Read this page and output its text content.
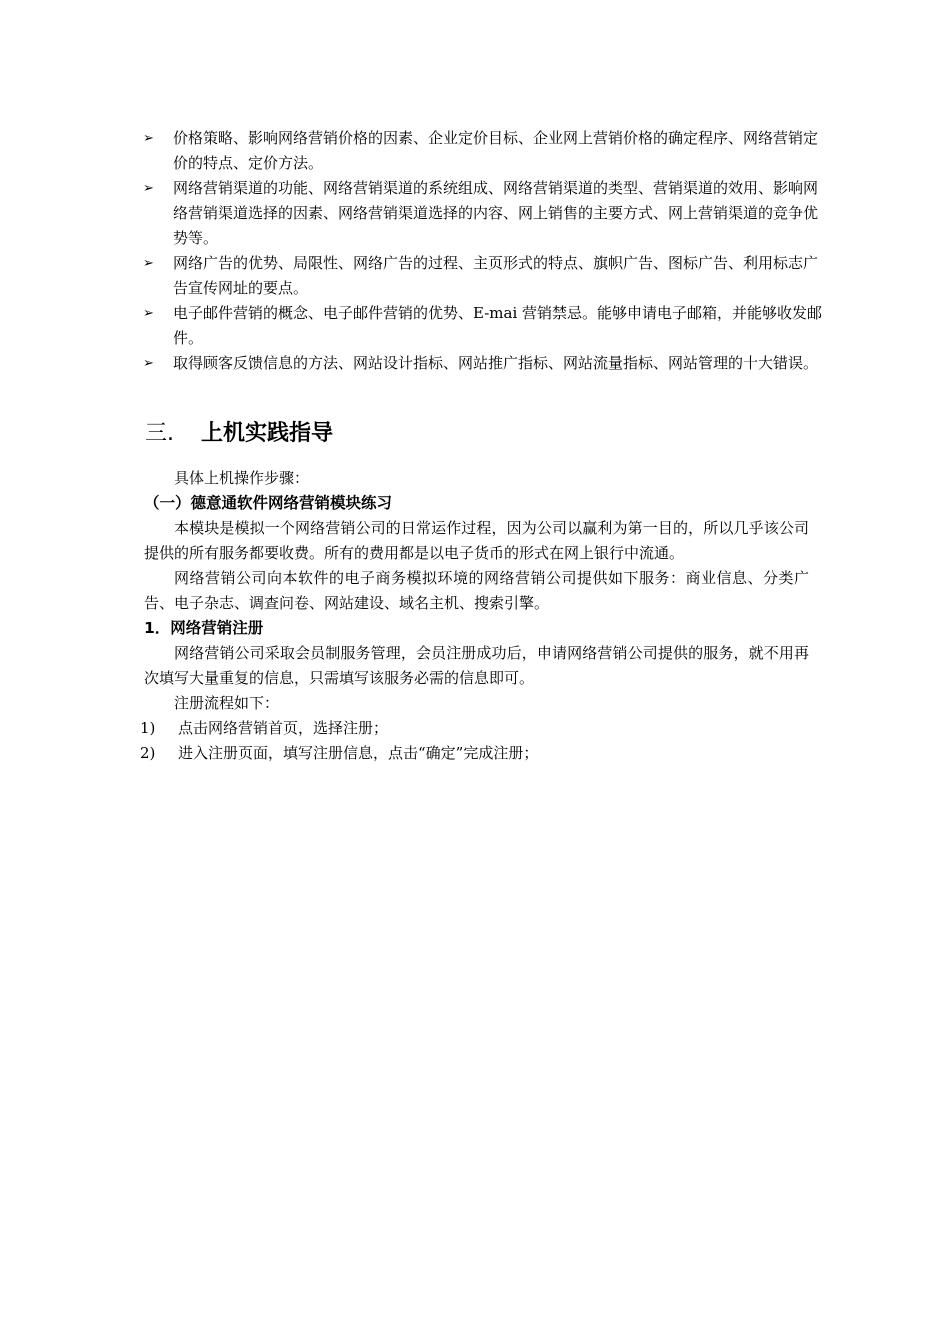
➢	价格策略、影响网络营销价格的因素、企业定价目标、企业网上营销价格的确定程序、网络营销定价的特点、定价方法。
➢	网络营销渠道的功能、网络营销渠道的系统组成、网络营销渠道的类型、营销渠道的效用、影响网络营销渠道选择的因素、网络营销渠道选择的内容、网上销售的主要方式、网上营销渠道的竞争优势等。
➢	网络广告的优势、局限性、网络广告的过程、主页形式的特点、旗帜广告、图标广告、利用标志广告宣传网址的要点。
➢	电子邮件营销的概念、电子邮件营销的优势、E-mai 营销禁忌。能够申请电子邮箱，并能够收发邮件。
➢	取得顾客反馈信息的方法、网站设计指标、网站推广指标、网站流量指标、网站管理的十大错误。
三. 上机实践指导

具体上机操作步骤：

（一）德意通软件网络营销模块练习

本模块是模拟一个网络营销公司的日常运作过程，因为公司以赢利为第一目的，所以几乎该公司提供的所有服务都要收费。所有的费用都是以电子货币的形式在网上银行中流通。

网络营销公司向本软件的电子商务模拟环境的网络营销公司提供如下服务：商业信息、分类广告、电子杂志、调查问卷、网站建设、域名主机、搜索引擎。

1．网络营销注册

网络营销公司采取会员制服务管理，会员注册成功后，申请网络营销公司提供的服务，就不用再次填写大量重复的信息，只需填写该服务必需的信息即可。

注册流程如下：

1) 点击网络营销首页，选择注册；
2) 进入注册页面，填写注册信息，点击“确定”完成注册；
